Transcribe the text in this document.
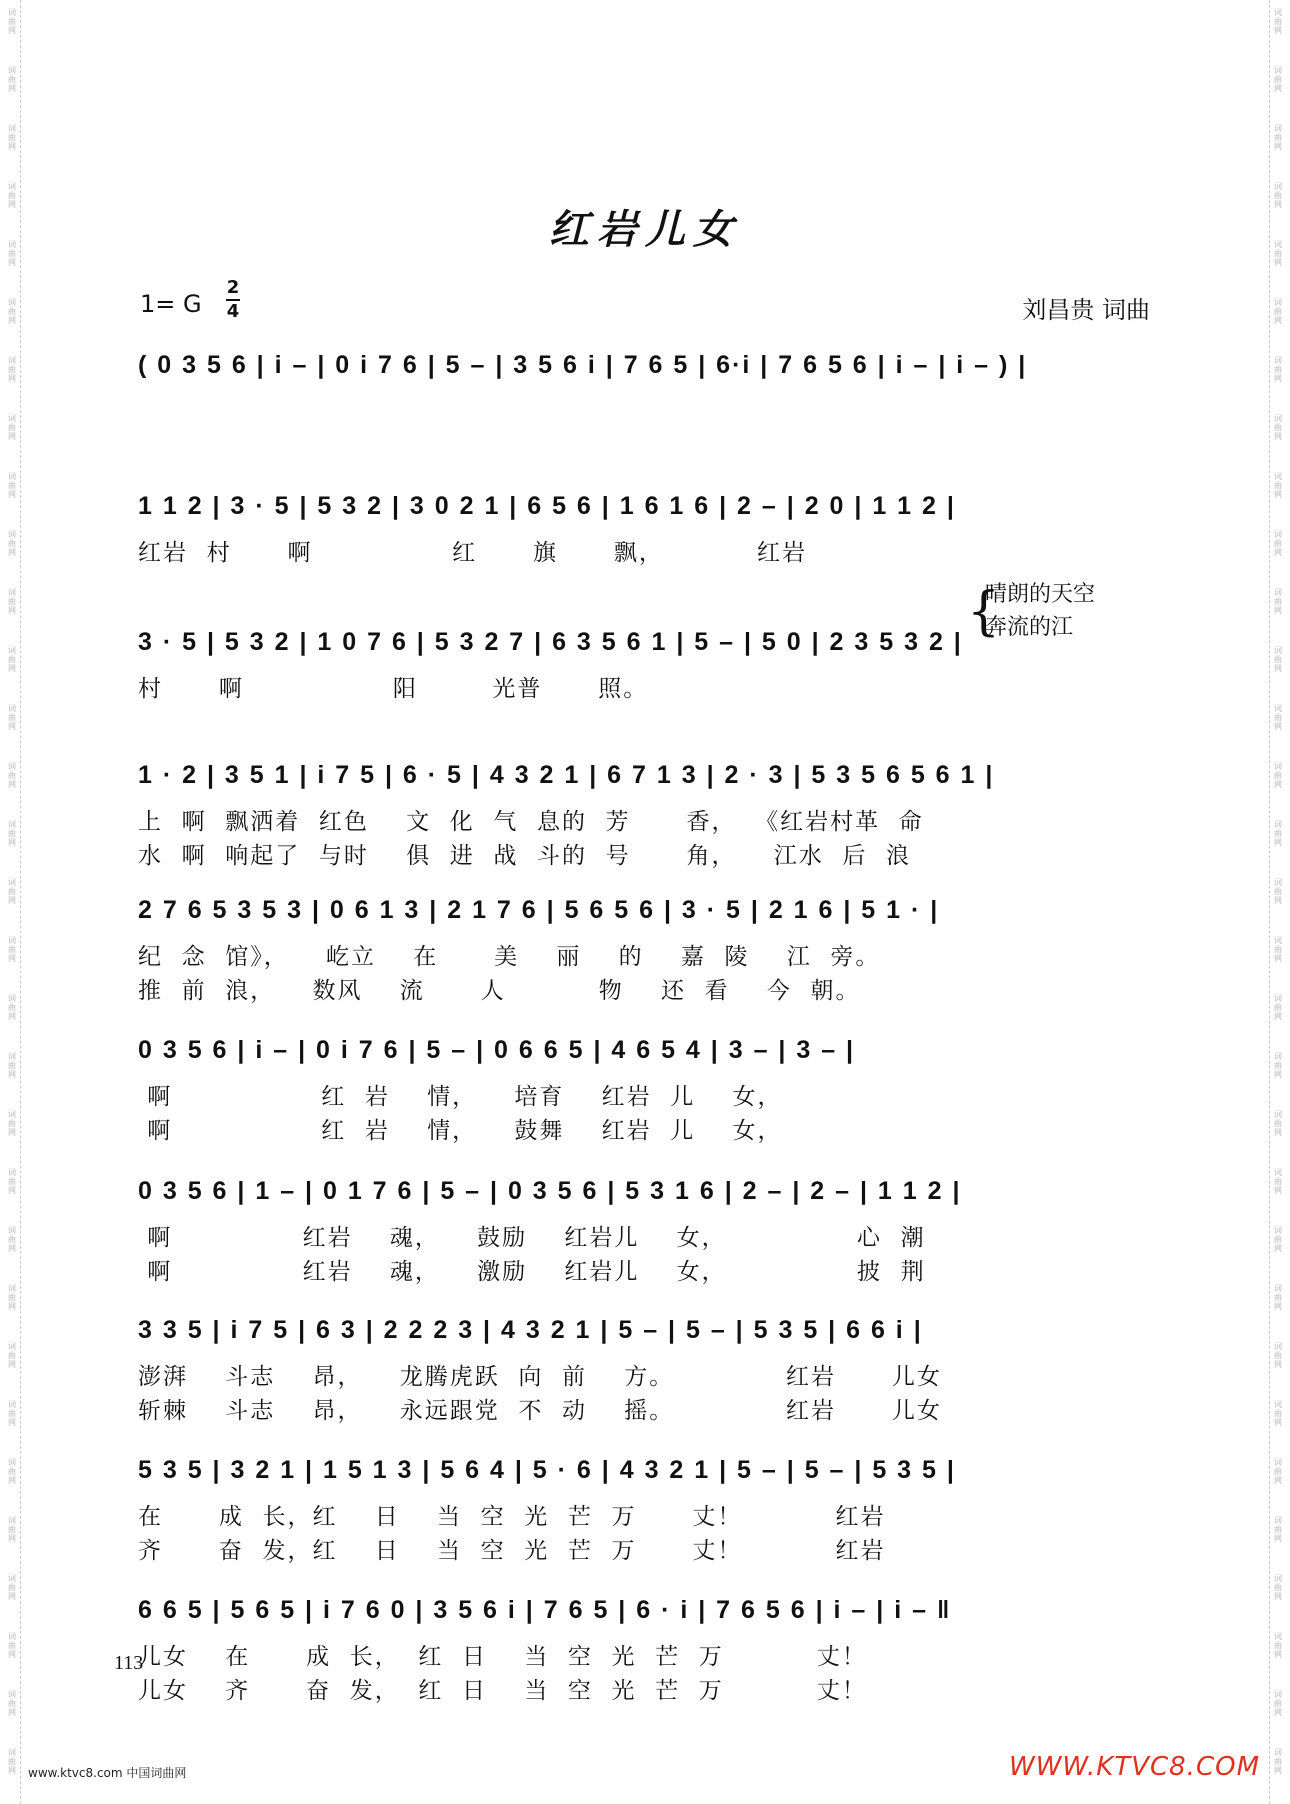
红岩儿女
1= G
2
4	刘昌贵 词曲
( 0 3 5 6 | i – | 0 i 7 6 | 5 – | 3 5 6 i | 7 6 5 | 6·i | 7 6 5 6 | i – | i – ) |
1 1 2 | 3 · 5 | 5 3 2 | 3 0 2 1 | 6 5 6 | 1 6 1 6 | 2 – | 2 0 | 1 1 2 |
红岩  村      啊               红      旗      飘，          红岩
3 · 5 | 5 3 2 | 1 0 7 6 | 5 3 2 7 | 6 3 5 6 1 | 5 – | 5 0 | 2 3 5 3 2 |
村      啊                阳        光普      照。
1 · 2 | 3 5 1 | i 7 5 | 6 · 5 | 4 3 2 1 | 6 7 1 3 | 2 · 3 | 5 3 5 6 5 6 1 |
上  啊  飘洒着  红色    文  化  气  息的  芳      香，  《红岩村革  命
水  啊  响起了  与时    俱  进  战  斗的  号      角，    江水  后  浪
2 7 6 5 3 5 3 | 0 6 1 3 | 2 1 7 6 | 5 6 5 6 | 3 · 5 | 2 1 6 | 5 1 · |
纪  念  馆》，    屹立    在      美    丽    的    嘉  陵    江  旁。
推  前  浪，    数风    流      人          物    还  看    今  朝。
0 3 5 6 | i – | 0 i 7 6 | 5 – | 0 6 6 5 | 4 6 5 4 | 3 – | 3 – |
啊                红  岩    情，    培育    红岩  儿    女，
啊                红  岩    情，    鼓舞    红岩  儿    女，
0 3 5 6 | 1 – | 0 1 7 6 | 5 – | 0 3 5 6 | 5 3 1 6 | 2 – | 2 – | 1 1 2 |
啊              红岩    魂，    鼓励    红岩儿    女，              心  潮
啊              红岩    魂，    激励    红岩儿    女，              披  荆
3 3 5 | i 7 5 | 6 3 | 2 2 2 3 | 4 3 2 1 | 5 – | 5 – | 5 3 5 | 6 6 i |
澎湃    斗志    昂，    龙腾虎跃  向  前    方。            红岩      儿女
斩棘    斗志    昂，    永远跟党  不  动    摇。            红岩      儿女
5 3 5 | 3 2 1 | 1 5 1 3 | 5 6 4 | 5 · 6 | 4 3 2 1 | 5 – | 5 – | 5 3 5 |
在      成  长，红    日    当  空  光  芒  万      丈！          红岩
齐      奋  发，红    日    当  空  光  芒  万      丈！          红岩
6 6 5 | 5 6 5 | i 7 6 0 | 3 5 6 i | 7 6 5 | 6 · i | 7 6 5 6 | i – | i – ‖
儿女    在      成  长，  红  日    当  空  光  芒  万          丈！
儿女    齐      奋  发，  红  日    当  空  光  芒  万          丈！
{
晴朗的天空
奔流的江
113
www.ktvc8.com 中国词曲网	WWW.KTVC8.COM
词曲网
词曲网
词曲网
词曲网
词曲网
词曲网
词曲网
词曲网
词曲网
词曲网
词曲网
词曲网
词曲网
词曲网
词曲网
词曲网
词曲网
词曲网
词曲网
词曲网
词曲网
词曲网
词曲网
词曲网
词曲网
词曲网
词曲网
词曲网
词曲网
词曲网
词曲网
词曲网
词曲网
词曲网
词曲网
词曲网
词曲网
词曲网
词曲网
词曲网
词曲网
词曲网
词曲网
词曲网
词曲网
词曲网
词曲网
词曲网
词曲网
词曲网
词曲网
词曲网
词曲网
词曲网
词曲网
词曲网
词曲网
词曲网
词曲网
词曲网
词曲网
词曲网
